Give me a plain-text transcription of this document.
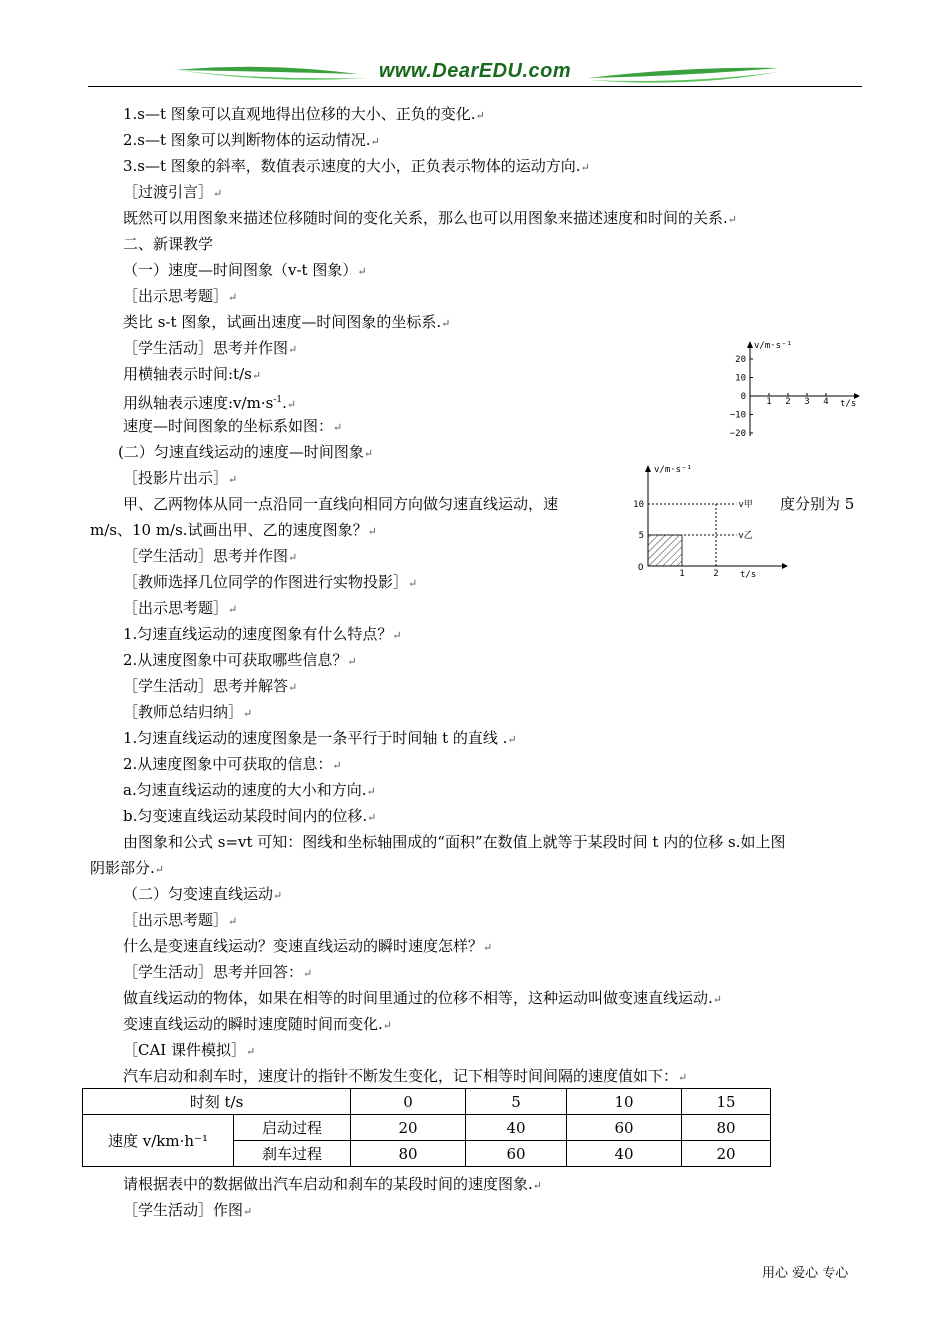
www.DearEDU.com
1.s—t 图象可以直观地得出位移的大小、正负的变化.↵
2.s—t 图象可以判断物体的运动情况.↵
3.s—t 图象的斜率，数值表示速度的大小，正负表示物体的运动方向.↵
［过渡引言］↵
既然可以用图象来描述位移随时间的变化关系，那么也可以用图象来描述速度和时间的关系.↵
二、新课教学
（一）速度—时间图象（v-t 图象）↵
［出示思考题］↵
类比 s-t 图象，试画出速度—时间图象的坐标系.↵
［学生活动］思考并作图↵
用横轴表示时间:t/s↵
用纵轴表示速度$:v/m\cdot s^{-1}.↵$
速度—时间图象的坐标系如图：↵
(二）匀速直线运动的速度—时间图象↵
［投影片出示］↵
甲、乙两物体从同一点沿同一直线向相同方向做匀速直线运动，速	度分别为 5
m/s、10 m/s.试画出甲、乙的速度图象？↵
［学生活动］思考并作图↵
［教师选择几位同学的作图进行实物投影］↵
［出示思考题］↵
1.匀速直线运动的速度图象有什么特点？↵
2.从速度图象中可获取哪些信息？↵
［学生活动］思考并解答↵
［教师总结归纳］↵
1.匀速直线运动的速度图象是一条平行于时间轴 t 的直线 .↵
2.从速度图象中可获取的信息：↵
a.匀速直线运动的速度的大小和方向.↵
b.匀变速直线运动某段时间内的位移.↵
由图象和公式 s=vt 可知：图线和坐标轴围成的“面积”在数值上就等于某段时间 t 内的位移 s.如上图
阴影部分.↵
（二）匀变速直线运动↵
［出示思考题］↵
什么是变速直线运动？变速直线运动的瞬时速度怎样？↵
［学生活动］思考并回答：↵
做直线运动的物体，如果在相等的时间里通过的位移不相等，这种运动叫做变速直线运动.↵
变速直线运动的瞬时速度随时间而变化.↵
［CAI 课件模拟］↵
汽车启动和刹车时，速度计的指针不断发生变化，记下相等时间间隔的速度值如下：↵
时刻 t/s		0	5	10	15
速度 v/km·h⁻¹	启动过程	20	40	60	80
	刹车过程	80	60	40	20
请根据表中的数据做出汽车启动和刹车的某段时间的速度图象.↵
［学生活动］作图↵
v/m·s⁻¹
t/s
20
10
0
−10
−20
1 2 3 4
v/m·s⁻¹
t/s
O
v甲
v乙
10
5
1	2
用心 爱心 专心
